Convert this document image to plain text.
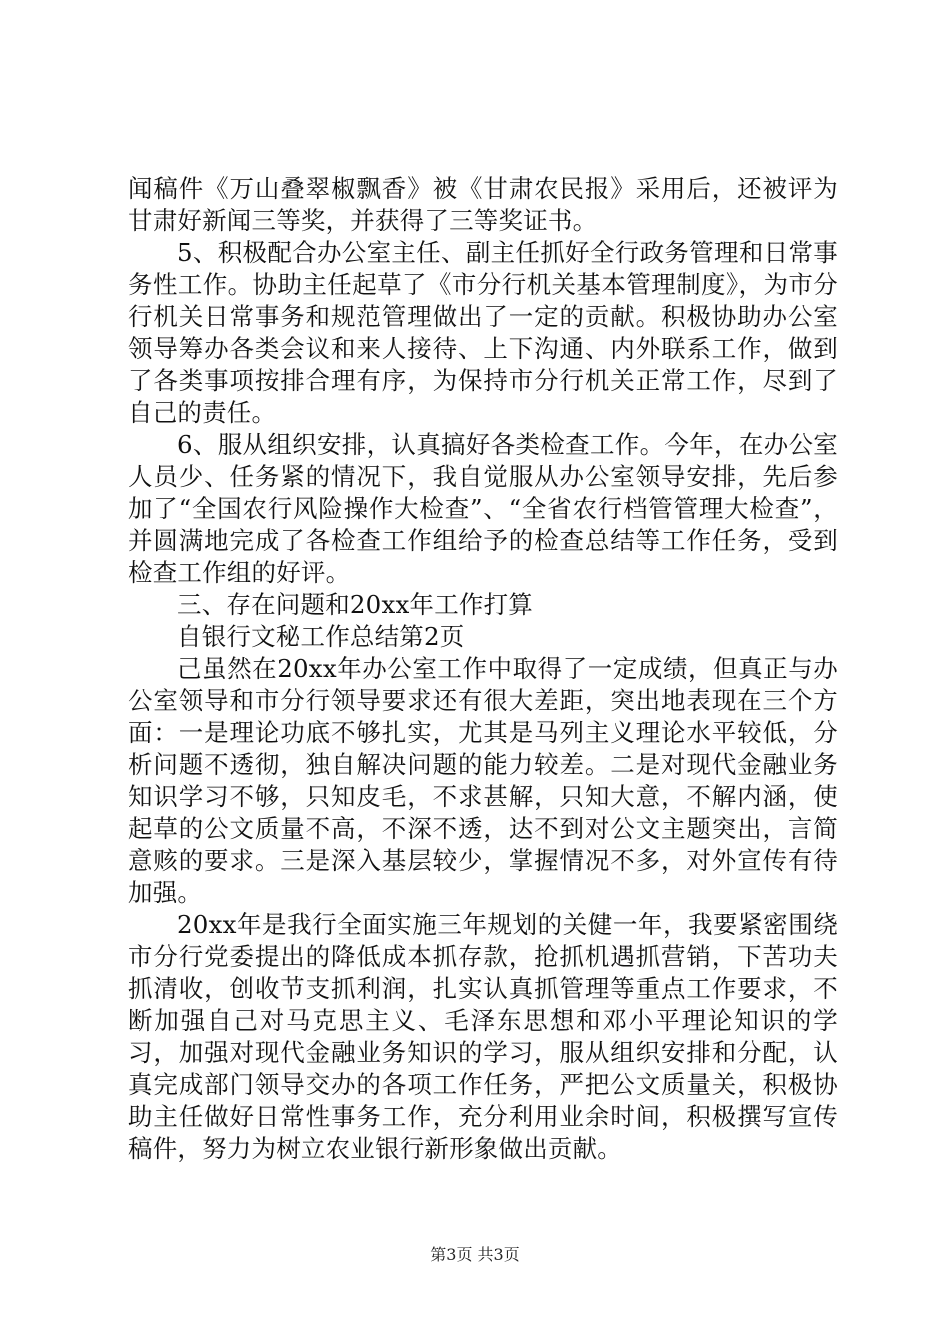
闻稿件《万山叠翠椒飘香》被《甘肃农民报》采用后，还被评为甘肃好新闻三等奖，并获得了三等奖证书。

5、积极配合办公室主任、副主任抓好全行政务管理和日常事务性工作。协助主任起草了《市分行机关基本管理制度》，为市分行机关日常事务和规范管理做出了一定的贡献。积极协助办公室领导筹办各类会议和来人接待、上下沟通、内外联系工作，做到了各类事项按排合理有序，为保持市分行机关正常工作，尽到了自己的责任。

6、服从组织安排，认真搞好各类检查工作。今年，在办公室人员少、任务紧的情况下，我自觉服从办公室领导安排，先后参加了“全国农行风险操作大检查”、“全省农行档管管理大检查”，并圆满地完成了各检查工作组给予的检查总结等工作任务，受到检查工作组的好评。

三、存在问题和20xx年工作打算

自银行文秘工作总结第2页

己虽然在20xx年办公室工作中取得了一定成绩，但真正与办公室领导和市分行领导要求还有很大差距，突出地表现在三个方面：一是理论功底不够扎实，尤其是马列主义理论水平较低，分析问题不透彻，独自解决问题的能力较差。二是对现代金融业务知识学习不够，只知皮毛，不求甚解，只知大意，不解内涵，使起草的公文质量不高，不深不透，达不到对公文主题突出，言简意赅的要求。三是深入基层较少，掌握情况不多，对外宣传有待加强。

20xx年是我行全面实施三年规划的关健一年，我要紧密围绕市分行党委提出的降低成本抓存款，抢抓机遇抓营销，下苦功夫抓清收，创收节支抓利润，扎实认真抓管理等重点工作要求，不断加强自己对马克思主义、毛泽东思想和邓小平理论知识的学习，加强对现代金融业务知识的学习，服从组织安排和分配，认真完成部门领导交办的各项工作任务，严把公文质量关，积极协助主任做好日常性事务工作，充分利用业余时间，积极撰写宣传稿件，努力为树立农业银行新形象做出贡献。

第3页 共3页
